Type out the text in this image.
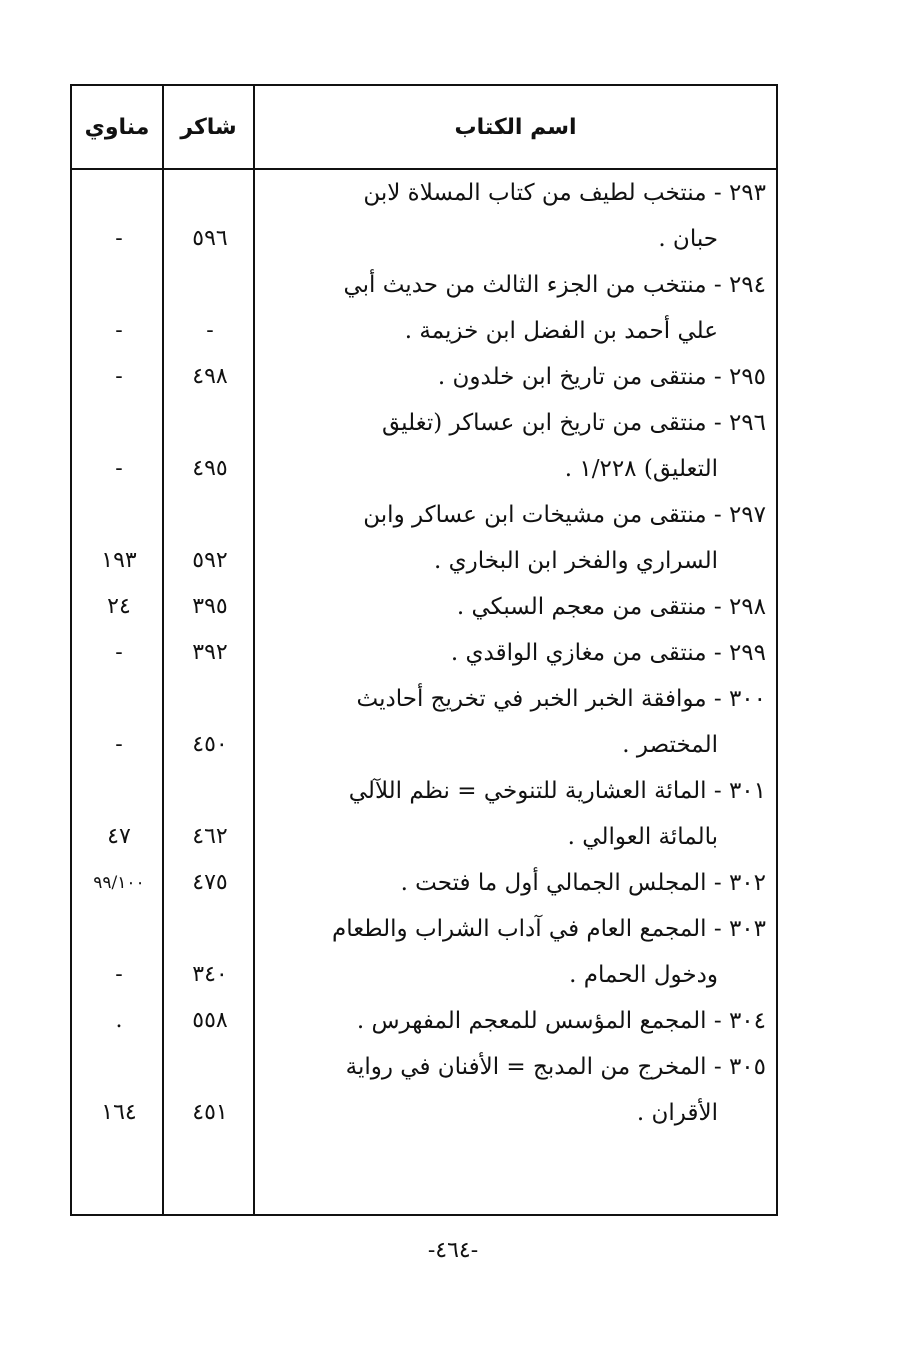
اسم الكتاب
شاكر
مناوي
٢٩٣ - منتخب لطيف من كتاب المسلاة لابن
حبان .
٥٩٦
-
٢٩٤ - منتخب من الجزء الثالث من حديث أبي
علي أحمد بن الفضل ابن خزيمة .
-
-
٢٩٥ - منتقى من تاريخ ابن خلدون .
٤٩٨
-
٢٩٦ - منتقى من تاريخ ابن عساكر (تغليق
التعليق) ١/٢٢٨ .
٤٩٥
-
٢٩٧ - منتقى من مشيخات ابن عساكر وابن
السراري والفخر ابن البخاري .
٥٩٢
١٩٣
٢٩٨ - منتقى من معجم السبكي .
٣٩٥
٢٤
٢٩٩ - منتقى من مغازي الواقدي .
٣٩٢
-
٣٠٠ - موافقة الخبر الخبر في تخريج أحاديث
المختصر .
٤٥٠
-
٣٠١ - المائة العشارية للتنوخي = نظم اللآلي
بالمائة العوالي .
٤٦٢
٤٧
٣٠٢ - المجلس الجمالي أول ما فتحت .
٤٧٥
٩٩/١٠٠
٣٠٣ - المجمع العام في آداب الشراب والطعام
ودخول الحمام .
٣٤٠
-
٣٠٤ - المجمع المؤسس للمعجم المفهرس .
٥٥٨
.
٣٠٥ - المخرج من المدبج = الأفنان في رواية
الأقران .
٤٥١
١٦٤
-٤٦٤-
